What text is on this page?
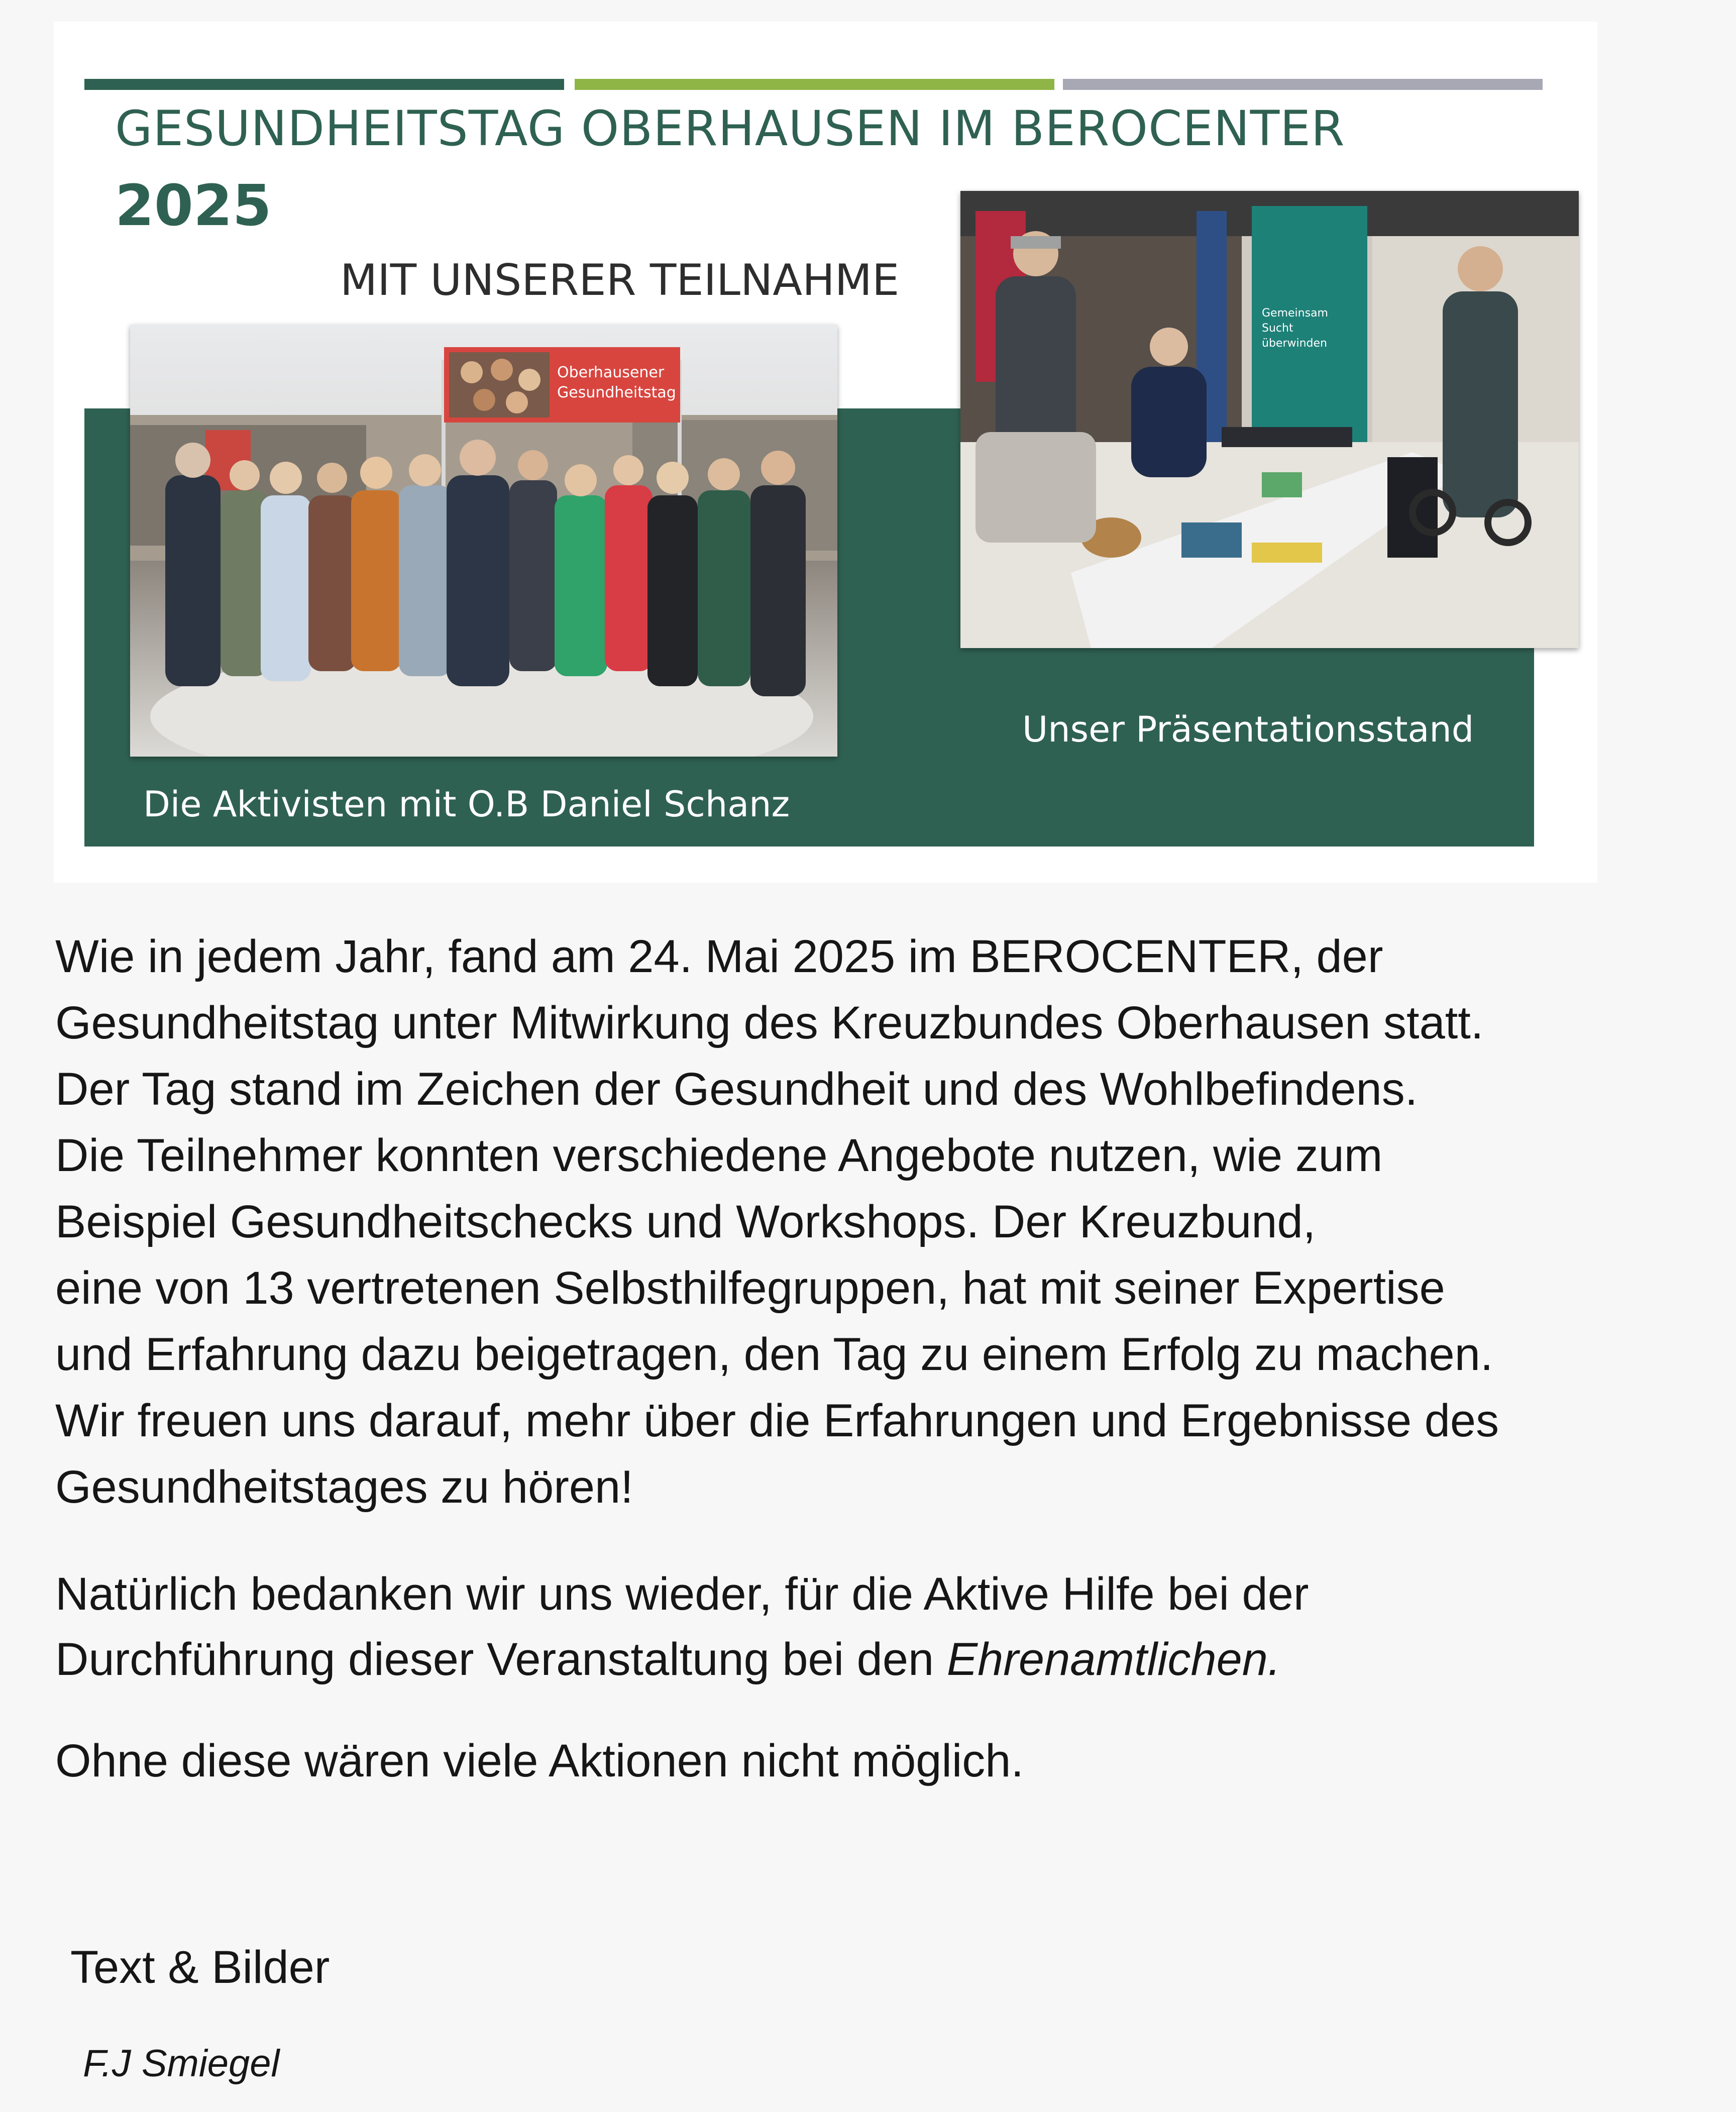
GESUNDHEITSTAG OBERHAUSEN IM BEROCENTER
2025
MIT UNSERER TEILNAHME
Oberhausener
Gesundheitstag
Gemeinsam
Sucht
überwinden
Die Aktivisten mit O.B Daniel Schanz
Unser Präsentationsstand

Wie in jedem Jahr, fand am 24. Mai 2025 im BEROCENTER, der

Gesundheitstag unter Mitwirkung des Kreuzbundes Oberhausen statt.

Der Tag stand im Zeichen der Gesundheit und des Wohlbefindens.

Die Teilnehmer konnten verschiedene Angebote nutzen, wie zum

Beispiel Gesundheitschecks und Workshops. Der Kreuzbund,

eine von 13 vertretenen Selbsthilfegruppen, hat mit seiner Expertise

und Erfahrung dazu beigetragen, den Tag zu einem Erfolg zu machen.

Wir freuen uns darauf, mehr über die Erfahrungen und Ergebnisse des

Gesundheitstages zu hören!

Natürlich bedanken wir uns wieder, für die Aktive Hilfe bei der
Durchführung dieser Veranstaltung bei den Ehrenamtlichen.
Ohne diese wären viele Aktionen nicht möglich.
Text & Bilder
F.J Smiegel
